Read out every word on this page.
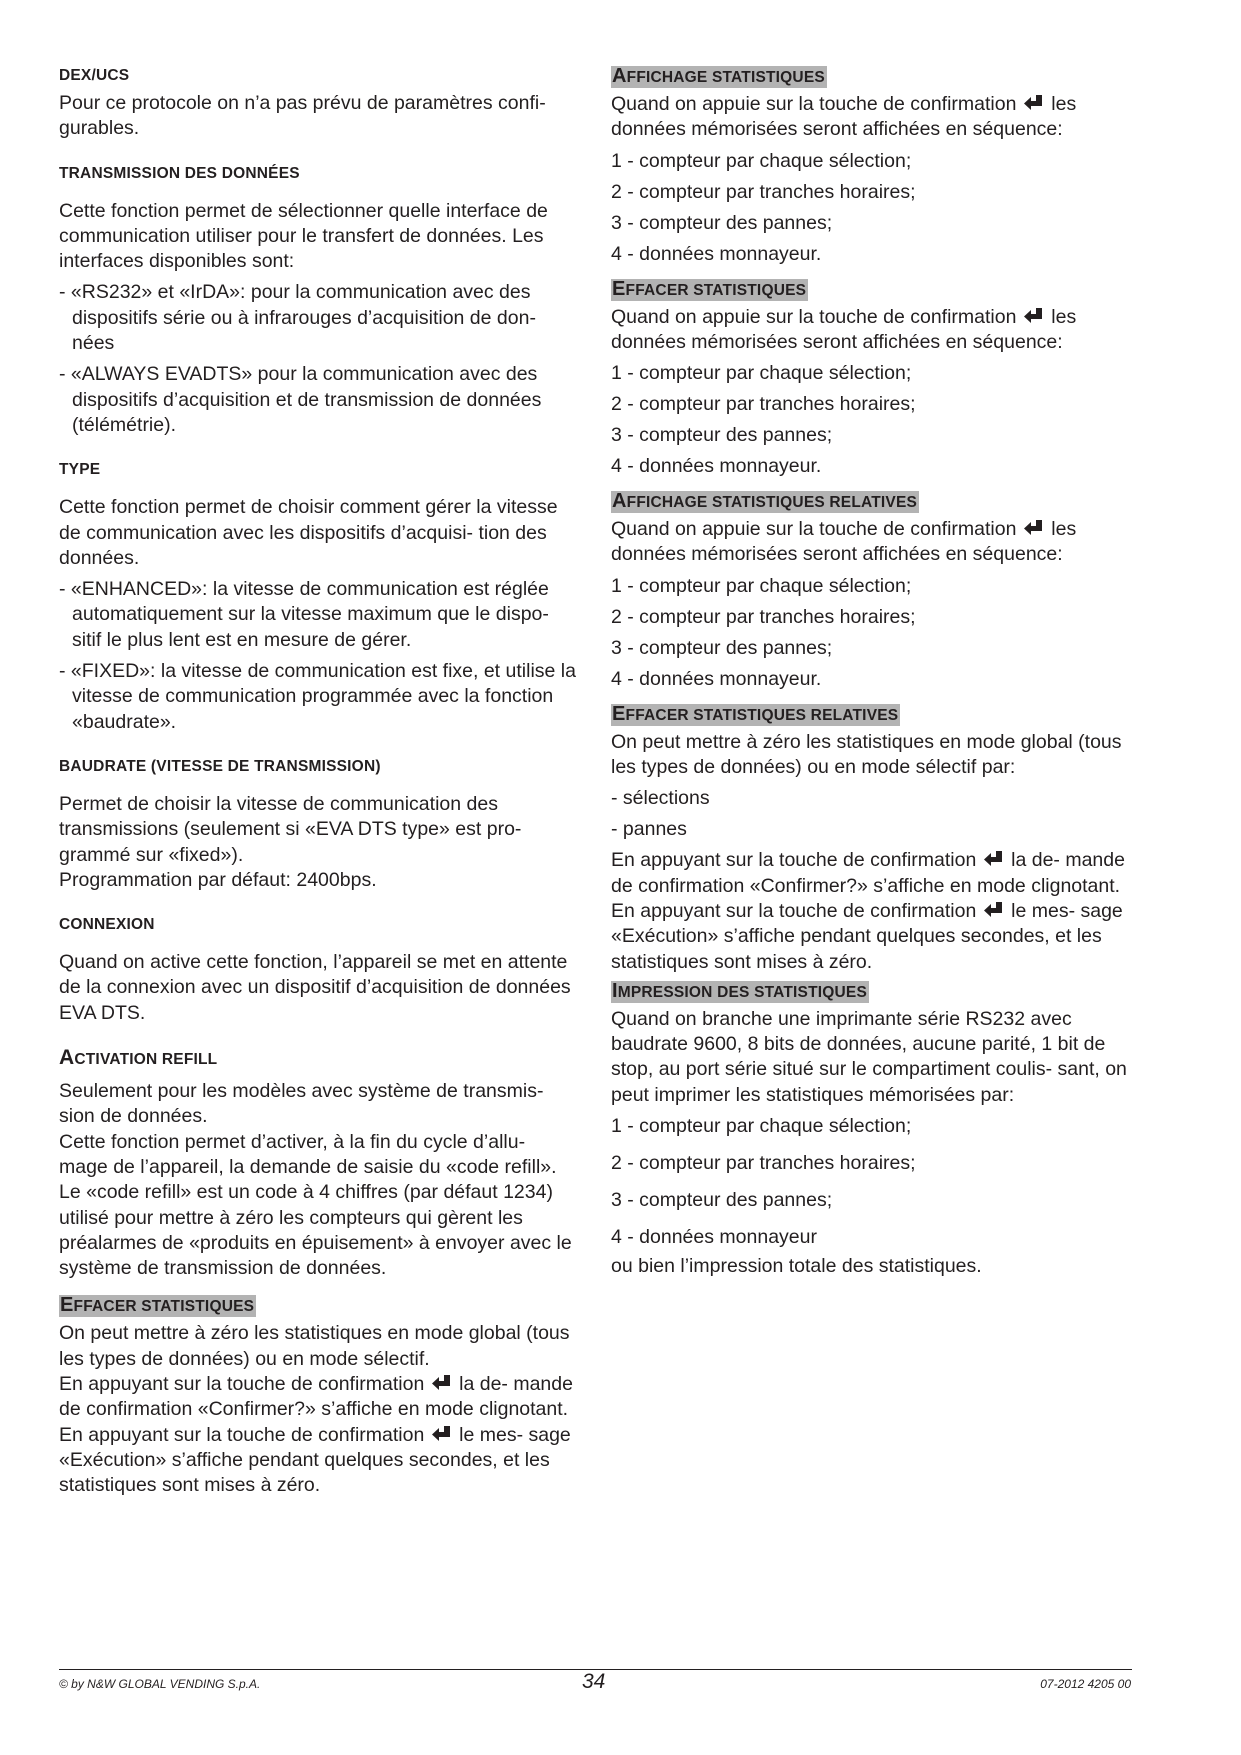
DEX/UCS

Pour ce protocole on n’a pas prévu de paramètres confi- gurables.

TRANSMISSION DES DONNÉES

Cette fonction permet de sélectionner quelle interface de communication utiliser pour le transfert de données. Les interfaces disponibles sont:

- «RS232» et «IrDA»: pour la communication avec des dispositifs série ou à infrarouges d’acquisition de don- nées

- «ALWAYS EVADTS» pour la communication avec des dispositifs d’acquisition et de transmission de données (télémétrie).

TYPE

Cette fonction permet de choisir comment gérer la vitesse de communication avec les dispositifs d’acquisi- tion des données.

- «ENHANCED»: la vitesse de communication est réglée automatiquement sur la vitesse maximum que le dispo- sitif le plus lent est en mesure de gérer.

- «FIXED»: la vitesse de communication est fixe, et utilise la vitesse de communication programmée avec la fonction «baudrate».

BAUDRATE (VITESSE DE TRANSMISSION)

Permet de choisir la vitesse de communication des transmissions (seulement si «EVA DTS type» est pro- grammé sur «fixed»).

Programmation par défaut: 2400bps.

CONNEXION

Quand on active cette fonction, l’appareil se met en attente de la connexion avec un dispositif d’acquisition de données EVA DTS.

ACTIVATION REFILL

Seulement pour les modèles avec système de transmis- sion de données.

Cette fonction permet d’activer, à la fin du cycle d’allu- mage de l’appareil, la demande de saisie du «code refill».

Le «code refill» est un code à 4 chiffres (par défaut 1234) utilisé pour mettre à zéro les compteurs qui gèrent les préalarmes de «produits en épuisement» à envoyer avec le système de transmission de données.

EFFACER STATISTIQUES

On peut mettre à zéro les statistiques en mode global (tous les types de données) ou en mode sélectif.

En appuyant sur la touche de confirmation  la de- mande de confirmation «Confirmer?» s’affiche en mode clignotant.

En appuyant sur la touche de confirmation  le mes- sage «Exécution» s’affiche pendant quelques secondes, et les statistiques sont mises à zéro.

AFFICHAGE STATISTIQUES

Quand on appuie sur la touche de confirmation  les données mémorisées seront affichées en séquence:

1 - compteur par chaque sélection;

2 - compteur par tranches horaires;

3 - compteur des pannes;

4 - données monnayeur.

EFFACER STATISTIQUES

Quand on appuie sur la touche de confirmation  les données mémorisées seront affichées en séquence:

1 - compteur par chaque sélection;

2 - compteur par tranches horaires;

3 - compteur des pannes;

4 - données monnayeur.

AFFICHAGE STATISTIQUES RELATIVES

Quand on appuie sur la touche de confirmation  les données mémorisées seront affichées en séquence:

1 - compteur par chaque sélection;

2 - compteur par tranches horaires;

3 - compteur des pannes;

4 - données monnayeur.

EFFACER STATISTIQUES RELATIVES

On peut mettre à zéro les statistiques en mode global (tous les types de données) ou en mode sélectif par:

- sélections

- pannes

En appuyant sur la touche de confirmation  la de- mande de confirmation «Confirmer?» s’affiche en mode clignotant.

En appuyant sur la touche de confirmation  le mes- sage «Exécution» s’affiche pendant quelques secondes, et les statistiques sont mises à zéro.

IMPRESSION DES STATISTIQUES

Quand on branche une imprimante série RS232 avec baudrate 9600, 8 bits de données, aucune parité, 1 bit de stop, au port série situé sur le compartiment coulis- sant, on peut imprimer les statistiques mémorisées par:

1 - compteur par chaque sélection;

2 - compteur par tranches horaires;

3 - compteur des pannes;

4 - données monnayeur

ou bien l’impression totale des statistiques.

© by N&W GLOBAL VENDING S.p.A.	34	07-2012 4205 00
